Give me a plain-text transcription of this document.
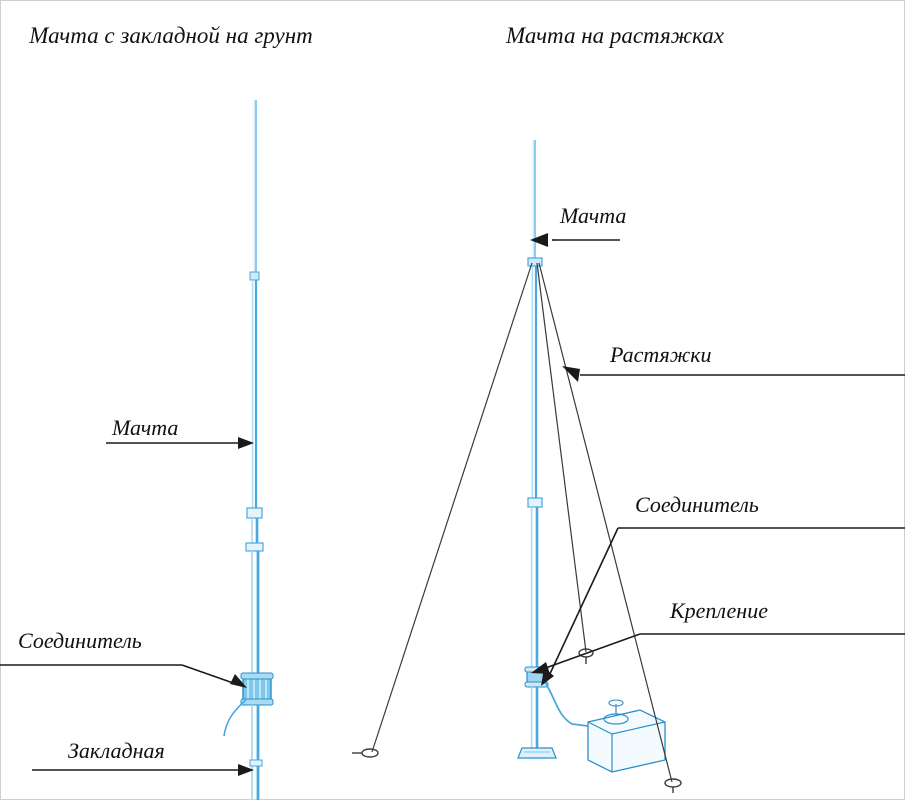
Мачта с закладной на грунт	Мачта на растяжках
Мачта
Соединитель
Закладная
Мачта
Растяжки
Соединитель
Крепление
